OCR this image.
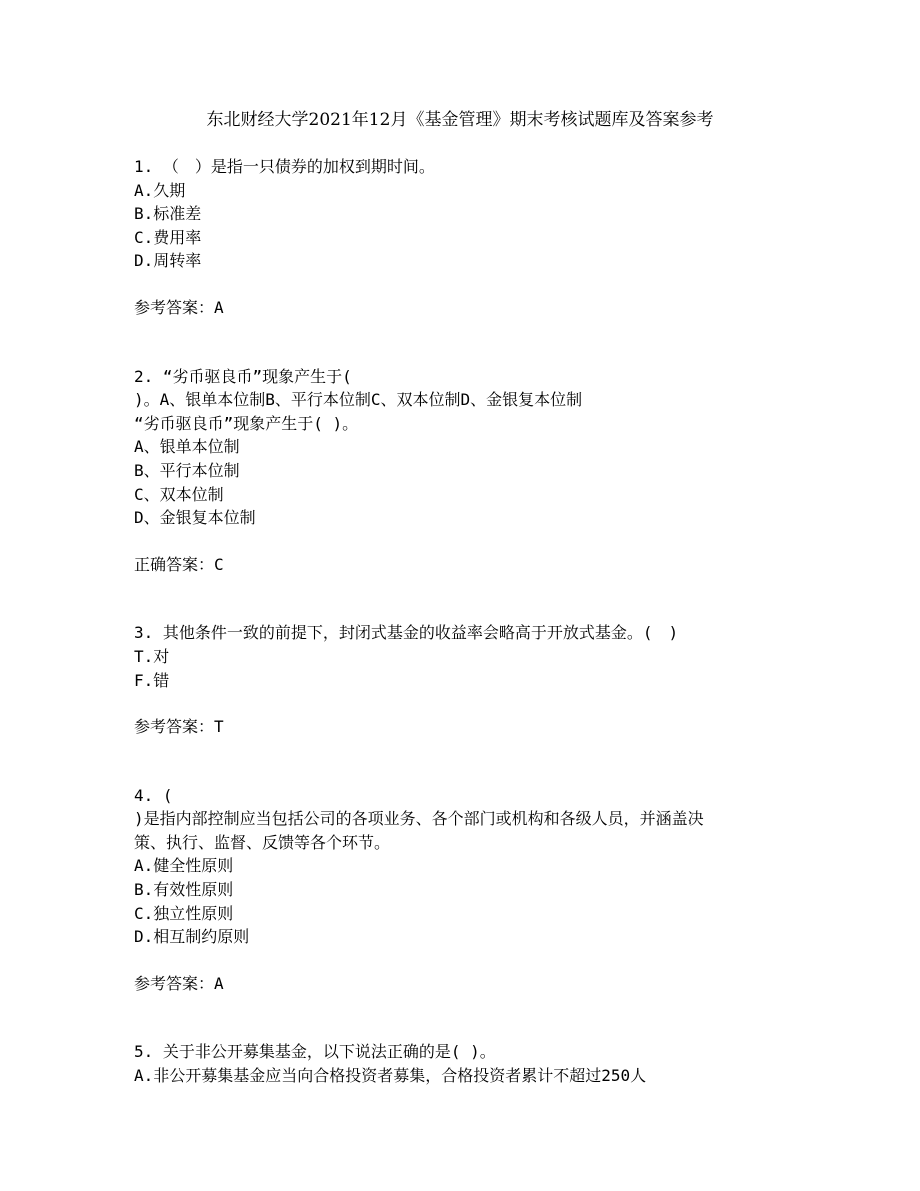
东北财经大学2021年12月《基金管理》期末考核试题库及答案参考
1. （　）是指一只债券的加权到期时间。
A.久期
B.标准差
C.费用率
D.周转率
参考答案：A
2. “劣币驱良币”现象产生于(
)。A、银单本位制B、平行本位制C、双本位制D、金银复本位制
“劣币驱良币”现象产生于( )。
A、银单本位制
B、平行本位制
C、双本位制
D、金银复本位制
正确答案：C
3. 其他条件一致的前提下，封闭式基金的收益率会略高于开放式基金。(　)
T.对
F.错
参考答案：T
4. (
)是指内部控制应当包括公司的各项业务、各个部门或机构和各级人员，并涵盖决
策、执行、监督、反馈等各个环节。
A.健全性原则
B.有效性原则
C.独立性原则
D.相互制约原则
参考答案：A
5. 关于非公开募集基金，以下说法正确的是( )。
A.非公开募集基金应当向合格投资者募集，合格投资者累计不超过250人
